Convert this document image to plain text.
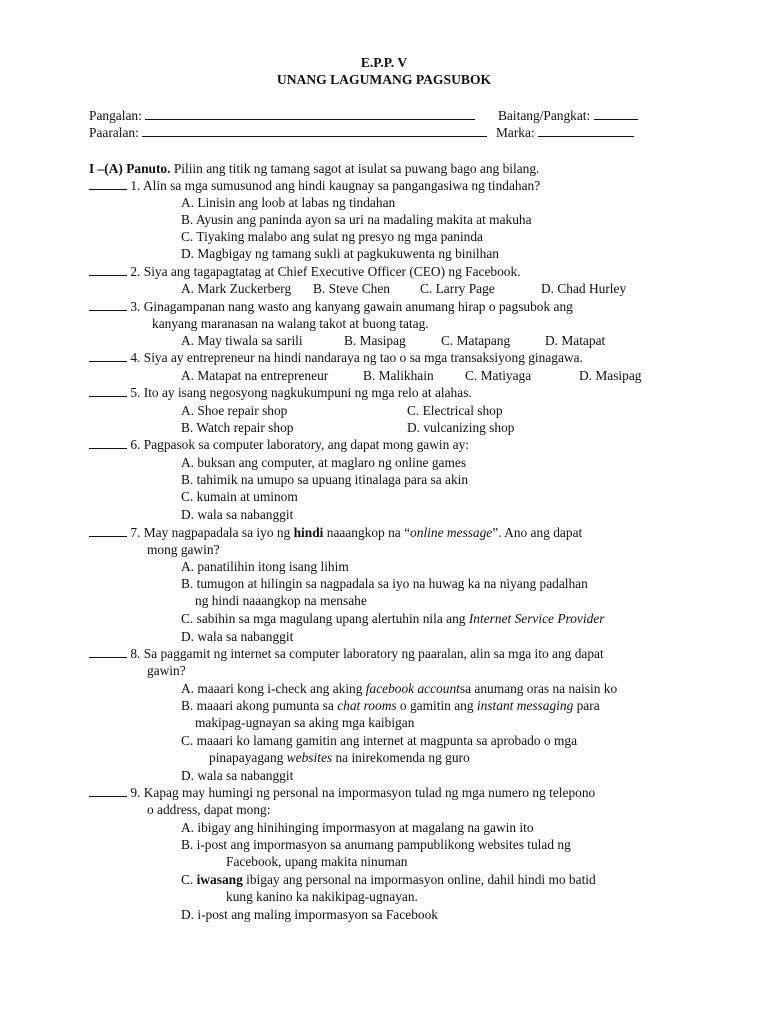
E.P.P. V
UNANG LAGUMANG PAGSUBOK
Pangalan:	Baitang/Pangkat:
Paaralan:	Marka:
I –(A) Panuto. Piliin ang titik ng tamang sagot at isulat sa puwang bago ang bilang.
1. Alin sa mga sumusunod ang hindi kaugnay sa pangangasiwa ng tindahan?
A. Linisin ang loob at labas ng tindahan
B. Ayusin ang paninda ayon sa uri na madaling makita at makuha
C. Tiyaking malabo ang sulat ng presyo ng mga paninda
D. Magbigay ng tamang sukli at pagkukuwenta ng binilhan
2. Siya ang tagapagtatag at Chief Executive Officer (CEO) ng Facebook.
A. Mark Zuckerberg B. Steve Chen C. Larry Page	D. Chad Hurley
3. Ginagampanan nang wasto ang kanyang gawain anumang hirap o pagsubok ang
kanyang maranasan na walang takot at buong tatag.
A. May tiwala sa sarili	B. Masipag	C. Matapang	D. Matapat
4. Siya ay entrepreneur na hindi nandaraya ng tao o sa mga transaksiyong ginagawa.
A. Matapat na entrepreneur	B. Malikhain C. Matiyaga	D. Masipag
5. Ito ay isang negosyong nagkukumpuni ng mga relo at alahas.
A. Shoe repair shop	C. Electrical shop
B. Watch repair shop	D. vulcanizing shop
6. Pagpasok sa computer laboratory, ang dapat mong gawin ay:
A. buksan ang computer, at maglaro ng online games
B. tahimik na umupo sa upuang itinalaga para sa akin
C. kumain at uminom
D. wala sa nabanggit
7. May nagpapadala sa iyo ng hindi naaangkop na “online message”. Ano ang dapat
mong gawin?
A. panatilihin itong isang lihim
B. tumugon at hilingin sa nagpadala sa iyo na huwag ka na niyang padalhan
ng hindi naaangkop na mensahe
C. sabihin sa mga magulang upang alertuhin nila ang Internet Service Provider
D. wala sa nabanggit
8. Sa paggamit ng internet sa computer laboratory ng paaralan, alin sa mga ito ang dapat
gawin?
A. maaari kong i-check ang aking facebook accountsa anumang oras na naisin ko
B. maaari akong pumunta sa chat rooms o gamitin ang instant messaging para
makipag-ugnayan sa aking mga kaibigan
C. maaari ko lamang gamitin ang internet at magpunta sa aprobado o mga
pinapayagang websites na inirekomenda ng guro
D. wala sa nabanggit
9. Kapag may humingi ng personal na impormasyon tulad ng mga numero ng telepono
o address, dapat mong:
A. ibigay ang hinihinging impormasyon at magalang na gawin ito
B. i-post ang impormasyon sa anumang pampublikong websites tulad ng
Facebook, upang makita ninuman
C. iwasang ibigay ang personal na impormasyon online, dahil hindi mo batid
kung kanino ka nakikipag-ugnayan.
D. i-post ang maling impormasyon sa Facebook
